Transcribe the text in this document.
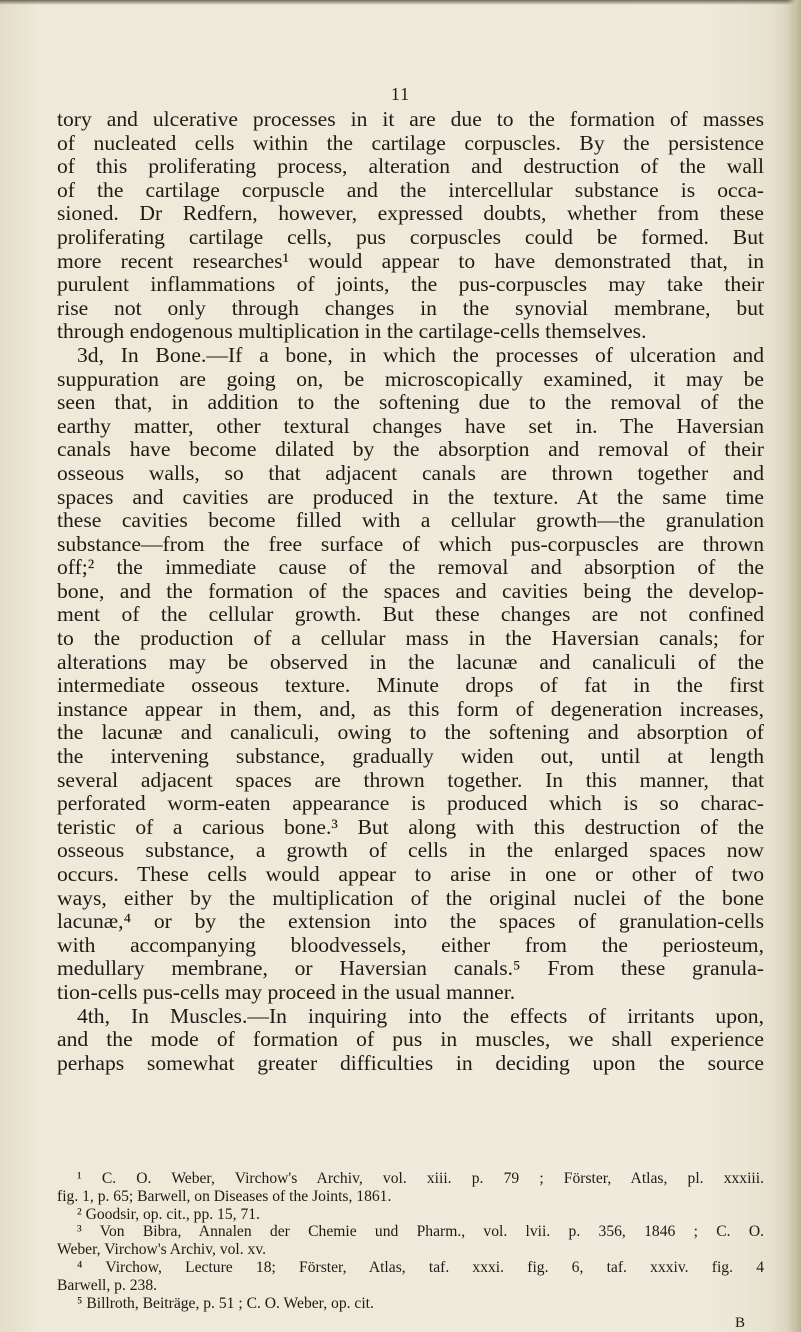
11
tory and ulcerative processes in it are due to the formation of masses
of nucleated cells within the cartilage corpuscles. By the persistence
of this proliferating process, alteration and destruction of the wall
of the cartilage corpuscle and the intercellular substance is occa-
sioned. Dr Redfern, however, expressed doubts, whether from these
proliferating cartilage cells, pus corpuscles could be formed. But
more recent researches¹ would appear to have demonstrated that, in
purulent inflammations of joints, the pus-corpuscles may take their
rise not only through changes in the synovial membrane, but
through endogenous multiplication in the cartilage-cells themselves.
3d, In Bone.—If a bone, in which the processes of ulceration and
suppuration are going on, be microscopically examined, it may be
seen that, in addition to the softening due to the removal of the
earthy matter, other textural changes have set in. The Haversian
canals have become dilated by the absorption and removal of their
osseous walls, so that adjacent canals are thrown together and
spaces and cavities are produced in the texture. At the same time
these cavities become filled with a cellular growth—the granulation
substance—from the free surface of which pus-corpuscles are thrown
off;² the immediate cause of the removal and absorption of the
bone, and the formation of the spaces and cavities being the develop-
ment of the cellular growth. But these changes are not confined
to the production of a cellular mass in the Haversian canals; for
alterations may be observed in the lacunæ and canaliculi of the
intermediate osseous texture. Minute drops of fat in the first
instance appear in them, and, as this form of degeneration increases,
the lacunæ and canaliculi, owing to the softening and absorption of
the intervening substance, gradually widen out, until at length
several adjacent spaces are thrown together. In this manner, that
perforated worm-eaten appearance is produced which is so charac-
teristic of a carious bone.³ But along with this destruction of the
osseous substance, a growth of cells in the enlarged spaces now
occurs. These cells would appear to arise in one or other of two
ways, either by the multiplication of the original nuclei of the bone
lacunæ,⁴ or by the extension into the spaces of granulation-cells
with accompanying bloodvessels, either from the periosteum,
medullary membrane, or Haversian canals.⁵ From these granula-
tion-cells pus-cells may proceed in the usual manner.
4th, In Muscles.—In inquiring into the effects of irritants upon,
and the mode of formation of pus in muscles, we shall experience
perhaps somewhat greater difficulties in deciding upon the source
¹ C. O. Weber, Virchow's Archiv, vol. xiii. p. 79 ; Förster, Atlas, pl. xxxiii.
fig. 1, p. 65; Barwell, on Diseases of the Joints, 1861.
² Goodsir, op. cit., pp. 15, 71.
³ Von Bibra, Annalen der Chemie und Pharm., vol. lvii. p. 356, 1846 ; C. O.
Weber, Virchow's Archiv, vol. xv.
⁴ Virchow, Lecture 18; Förster, Atlas, taf. xxxi. fig. 6, taf. xxxiv. fig. 4
Barwell, p. 238.
⁵ Billroth, Beiträge, p. 51 ; C. O. Weber, op. cit.
B
